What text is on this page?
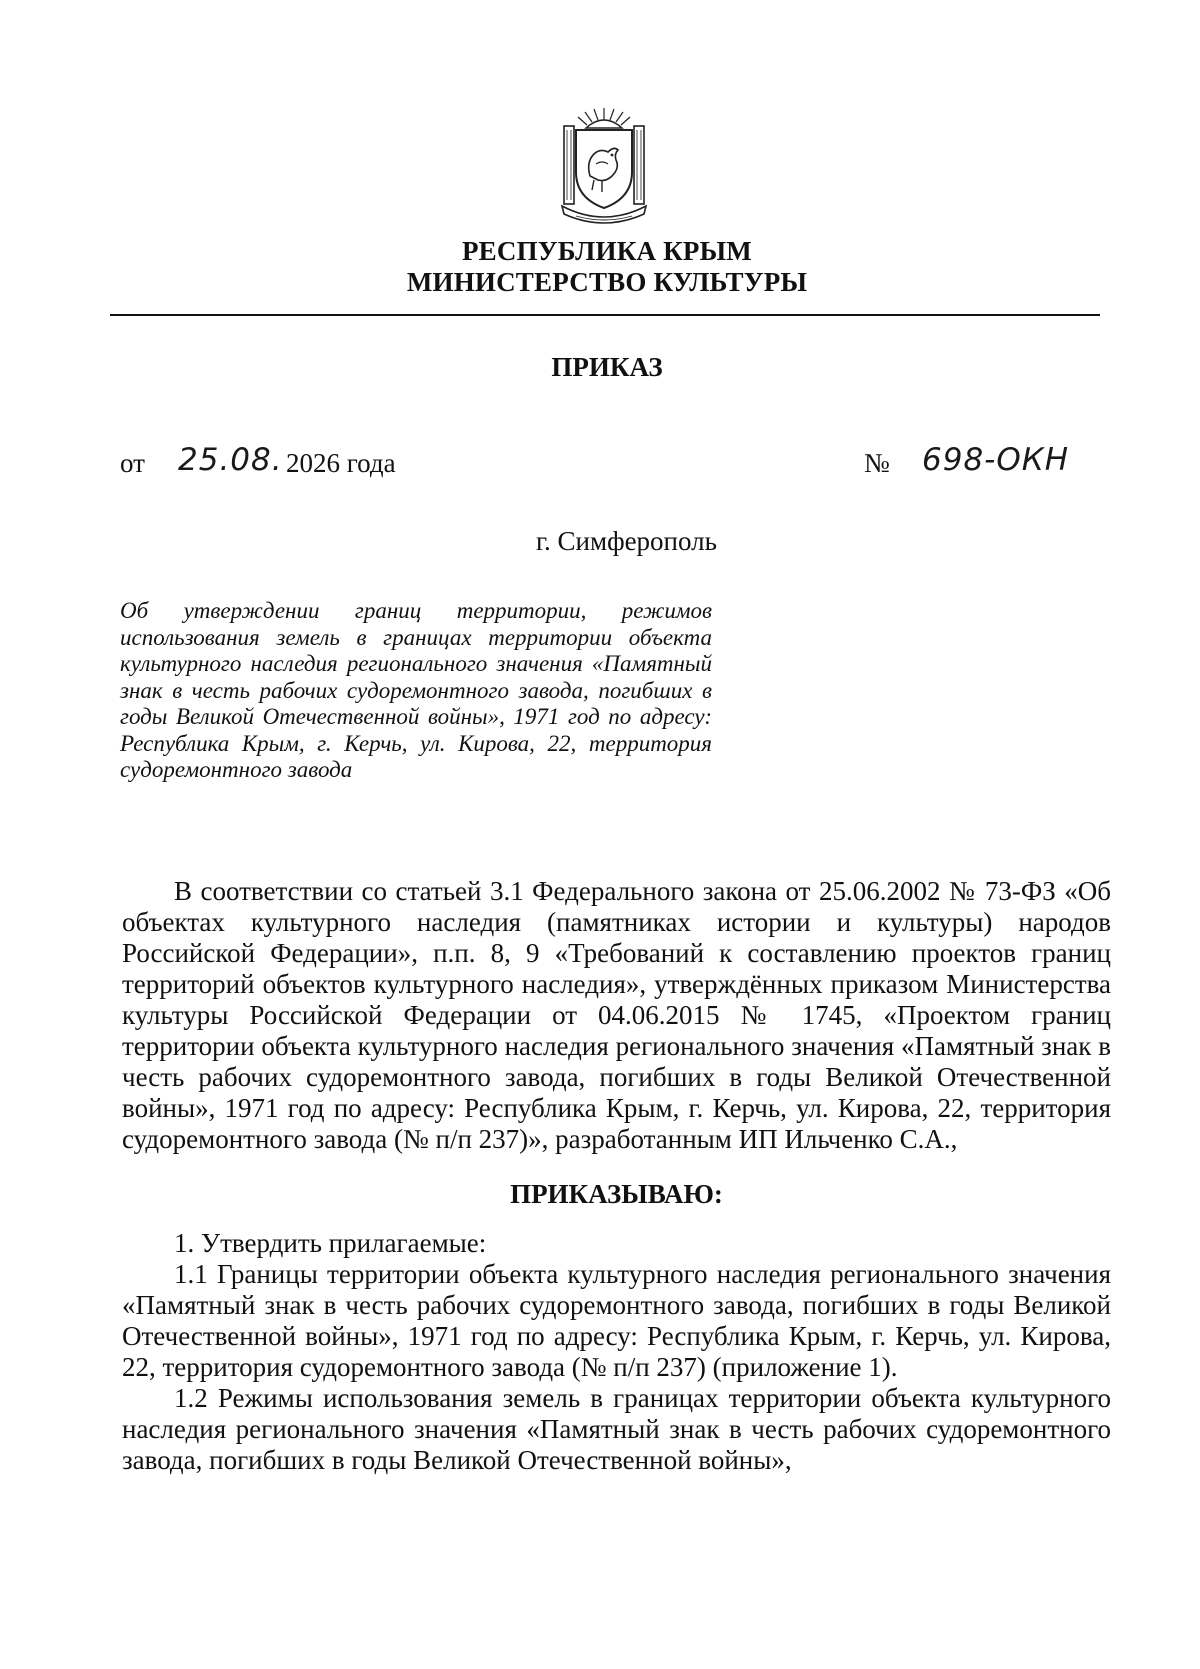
РЕСПУБЛИКА КРЫМ
МИНИСТЕРСТВО КУЛЬТУРЫ
ПРИКАЗ
от 25.08. 2026 года	№ 698-ОКН
г. Симферополь
Об утверждении границ территории, режимов использования земель в границах территории объекта культурного наследия регионального значения «Памятный знак в честь рабочих судоремонтного завода, погибших в годы Великой Отечественной войны», 1971 год по адресу: Республика Крым, г. Керчь, ул. Кирова, 22, территория судоремонтного завода

В соответствии со статьей 3.1 Федерального закона от 25.06.2002 № 73-ФЗ «Об объектах культурного наследия (памятниках истории и культуры) народов Российской Федерации», п.п. 8, 9 «Требований к составлению проектов границ территорий объектов культурного наследия», утверждённых приказом Министерства культуры Российской Федерации от 04.06.2015 № 1745, «Проектом границ территории объекта культурного наследия регионального значения «Памятный знак в честь рабочих судоремонтного завода, погибших в годы Великой Отечественной войны», 1971 год по адресу: Республика Крым, г. Керчь, ул. Кирова, 22, территория судоремонтного завода (№ п/п 237)», разработанным ИП Ильченко С.А.,

ПРИКАЗЫВАЮ:

1. Утвердить прилагаемые:

1.1 Границы территории объекта культурного наследия регионального значения «Памятный знак в честь рабочих судоремонтного завода, погибших в годы Великой Отечественной войны», 1971 год по адресу: Республика Крым, г. Керчь, ул. Кирова, 22, территория судоремонтного завода (№ п/п 237) (приложение 1).

1.2 Режимы использования земель в границах территории объекта культурного наследия регионального значения «Памятный знак в честь рабочих судоремонтного завода, погибших в годы Великой Отечественной войны»,
